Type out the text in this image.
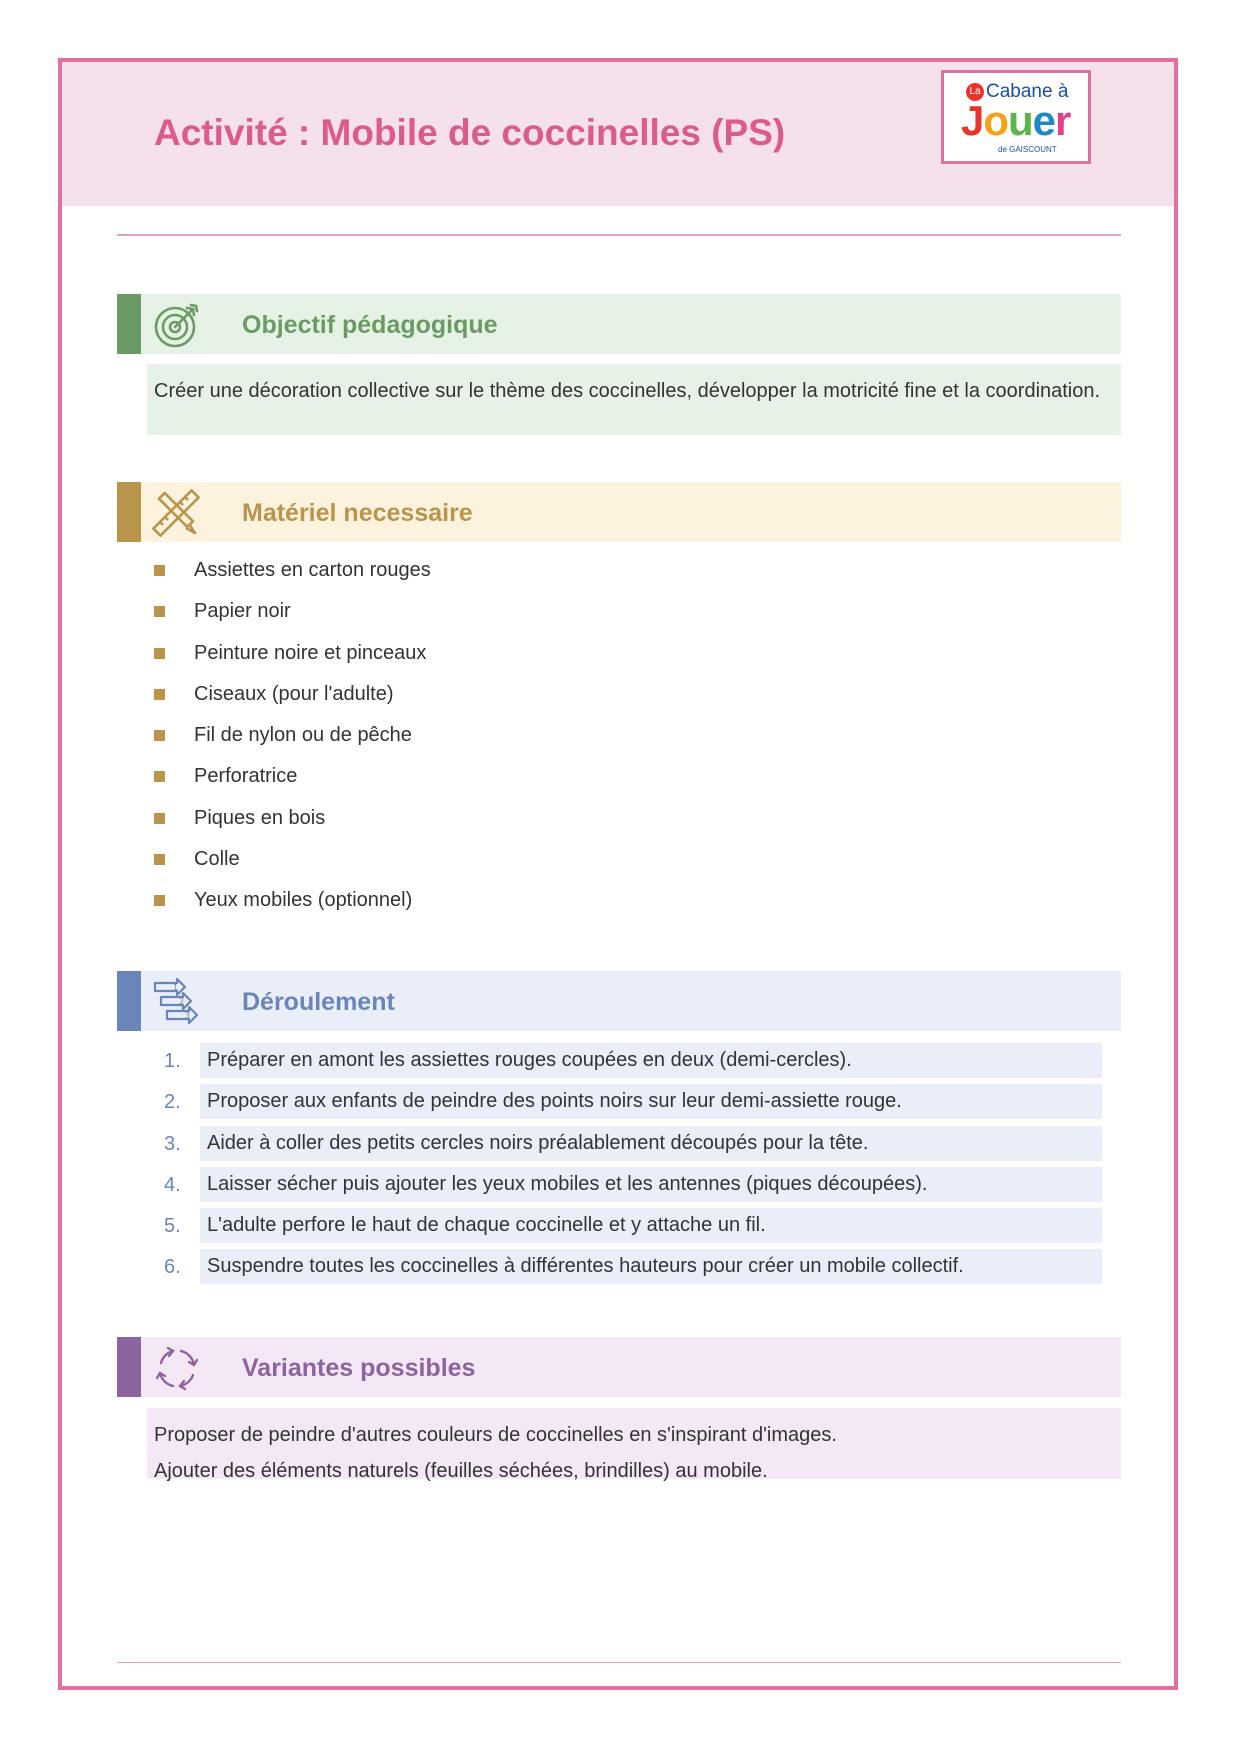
Activité : Mobile de coccinelles (PS)
La Cabane à
Jouer
de GAISCOUNT
Objectif pédagogique

Créer une décoration collective sur le thème des coccinelles, développer la motricité fine et la coordination.

Matériel necessaire
Assiettes en carton rouges
Papier noir
Peinture noire et pinceaux
Ciseaux (pour l'adulte)
Fil de nylon ou de pêche
Perforatrice
Piques en bois
Colle
Yeux mobiles (optionnel)
1
2
3 Déroulement
1.	Préparer en amont les assiettes rouges coupées en deux (demi-cercles).
2.	Proposer aux enfants de peindre des points noirs sur leur demi-assiette rouge.
3.	Aider à coller des petits cercles noirs préalablement découpés pour la tête.
4.	Laisser sécher puis ajouter les yeux mobiles et les antennes (piques découpées).
5.	L'adulte perfore le haut de chaque coccinelle et y attache un fil.
6.	Suspendre toutes les coccinelles à différentes hauteurs pour créer un mobile collectif.
Variantes possibles

Proposer de peindre d'autres couleurs de coccinelles en s'inspirant d'images.

Ajouter des éléments naturels (feuilles séchées, brindilles) au mobile.
